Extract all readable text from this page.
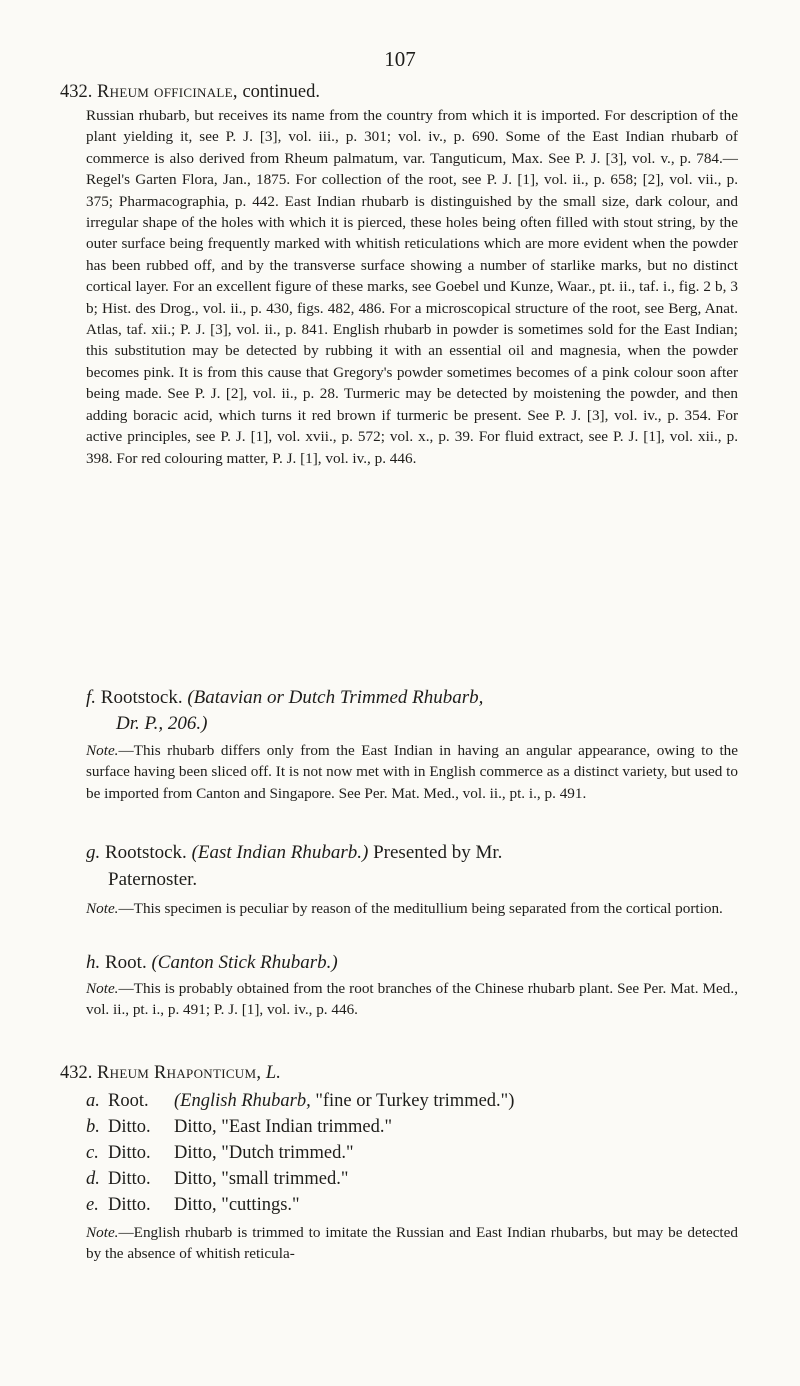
107
432. Rheum officinale, continued.

Russian rhubarb, but receives its name from the country from which it is imported. For description of the plant yielding it, see P. J. [3], vol. iii., p. 301; vol. iv., p. 690. Some of the East Indian rhubarb of commerce is also derived from Rheum palmatum, var. Tanguticum, Max. See P. J. [3], vol. v., p. 784.—Regel's Garten Flora, Jan., 1875. For collection of the root, see P. J. [1], vol. ii., p. 658; [2], vol. vii., p. 375; Pharmacographia, p. 442. East Indian rhubarb is distinguished by the small size, dark colour, and irregular shape of the holes with which it is pierced, these holes being often filled with stout string, by the outer surface being frequently marked with whitish reticulations which are more evident when the powder has been rubbed off, and by the transverse surface showing a number of starlike marks, but no distinct cortical layer. For an excellent figure of these marks, see Goebel und Kunze, Waar., pt. ii., taf. i., fig. 2 b, 3 b; Hist. des Drog., vol. ii., p. 430, figs. 482, 486. For a microscopical structure of the root, see Berg, Anat. Atlas, taf. xii.; P. J. [3], vol. ii., p. 841. English rhubarb in powder is sometimes sold for the East Indian; this substitution may be detected by rubbing it with an essential oil and magnesia, when the powder becomes pink. It is from this cause that Gregory's powder sometimes becomes of a pink colour soon after being made. See P. J. [2], vol. ii., p. 28. Turmeric may be detected by moistening the powder, and then adding boracic acid, which turns it red brown if turmeric be present. See P. J. [3], vol. iv., p. 354. For active principles, see P. J. [1], vol. xvii., p. 572; vol. x., p. 39. For fluid extract, see P. J. [1], vol. xii., p. 398. For red colouring matter, P. J. [1], vol. iv., p. 446.

f. Rootstock. (Batavian or Dutch Trimmed Rhubarb,
Dr. P., 206.)

Note.—This rhubarb differs only from the East Indian in having an angular appearance, owing to the surface having been sliced off. It is not now met with in English commerce as a distinct variety, but used to be imported from Canton and Singapore. See Per. Mat. Med., vol. ii., pt. i., p. 491.

g. Rootstock. (East Indian Rhubarb.) Presented by Mr.
Paternoster.

Note.—This specimen is peculiar by reason of the meditullium being separated from the cortical portion.

h. Root. (Canton Stick Rhubarb.)

Note.—This is probably obtained from the root branches of the Chinese rhubarb plant. See Per. Mat. Med., vol. ii., pt. i., p. 491; P. J. [1], vol. iv., p. 446.

432. Rheum Rhaponticum, L.
a. Root. (English Rhubarb, "fine or Turkey trimmed.")
b. Ditto. Ditto, "East Indian trimmed."
c. Ditto. Ditto, "Dutch trimmed."
d. Ditto. Ditto, "small trimmed."
e. Ditto. Ditto, "cuttings."

Note.—English rhubarb is trimmed to imitate the Russian and East Indian rhubarbs, but may be detected by the absence of whitish reticula-
